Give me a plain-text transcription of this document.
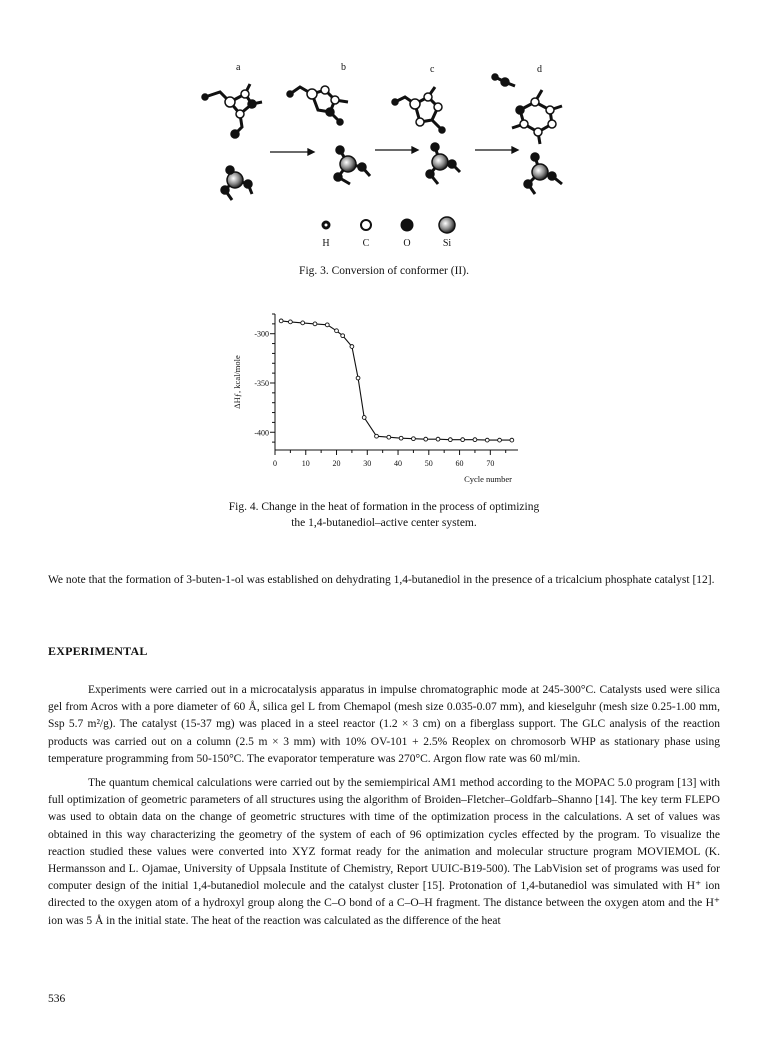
a	b	c	d
H	C	O	Si
Fig. 3. Conversion of conformer (II).
-300
-350
-400
0	10	20	30	40	50	60	70
Cycle number
ΔHƒ, kcal/mole
Fig. 4. Change in the heat of formation in the process of optimizing
the 1,4-butanediol–active center system.
We note that the formation of 3-buten-1-ol was established on dehydrating 1,4-butanediol in the presence of a tricalcium phosphate catalyst [12].
EXPERIMENTAL
Experiments were carried out in a microcatalysis apparatus in impulse chromatographic mode at 245-300°C. Catalysts used were silica gel from Acros with a pore diameter of 60 Å, silica gel L from Chemapol (mesh size 0.035-0.07 mm), and kieselguhr (mesh size 0.25-1.00 mm, Ssp 5.7 m²/g). The catalyst (15-37 mg) was placed in a steel reactor (1.2 × 3 cm) on a fiberglass support. The GLC analysis of the reaction products was carried out on a column (2.5 m × 3 mm) with 10% OV-101 + 2.5% Reoplex on chromosorb WHP as stationary phase using temperature programming from 50-150°C. The evaporator temperature was 270°C. Argon flow rate was 60 ml/min.
The quantum chemical calculations were carried out by the semiempirical AM1 method according to the MOPAC 5.0 program [13] with full optimization of geometric parameters of all structures using the algorithm of Broiden–Fletcher–Goldfarb–Shanno [14]. The key term FLEPO was used to obtain data on the change of geometric structures with time of the optimization process in the calculations. A set of values was obtained in this way characterizing the geometry of the system of each of 96 optimization cycles effected by the program. To visualize the reaction studied these values were converted into XYZ format ready for the animation and molecular structure program MOVIEMOL (K. Hermansson and L. Ojamae, University of Uppsala Institute of Chemistry, Report UUIC-B19-500). The LabVision set of programs was used for computer design of the initial 1,4-butanediol molecule and the catalyst cluster [15]. Protonation of 1,4-butanediol was simulated with H⁺ ion directed to the oxygen atom of a hydroxyl group along the C–O bond of a C–O–H fragment. The distance between the oxygen atom and the H⁺ ion was 5 Å in the initial state. The heat of the reaction was calculated as the difference of the heat
536
